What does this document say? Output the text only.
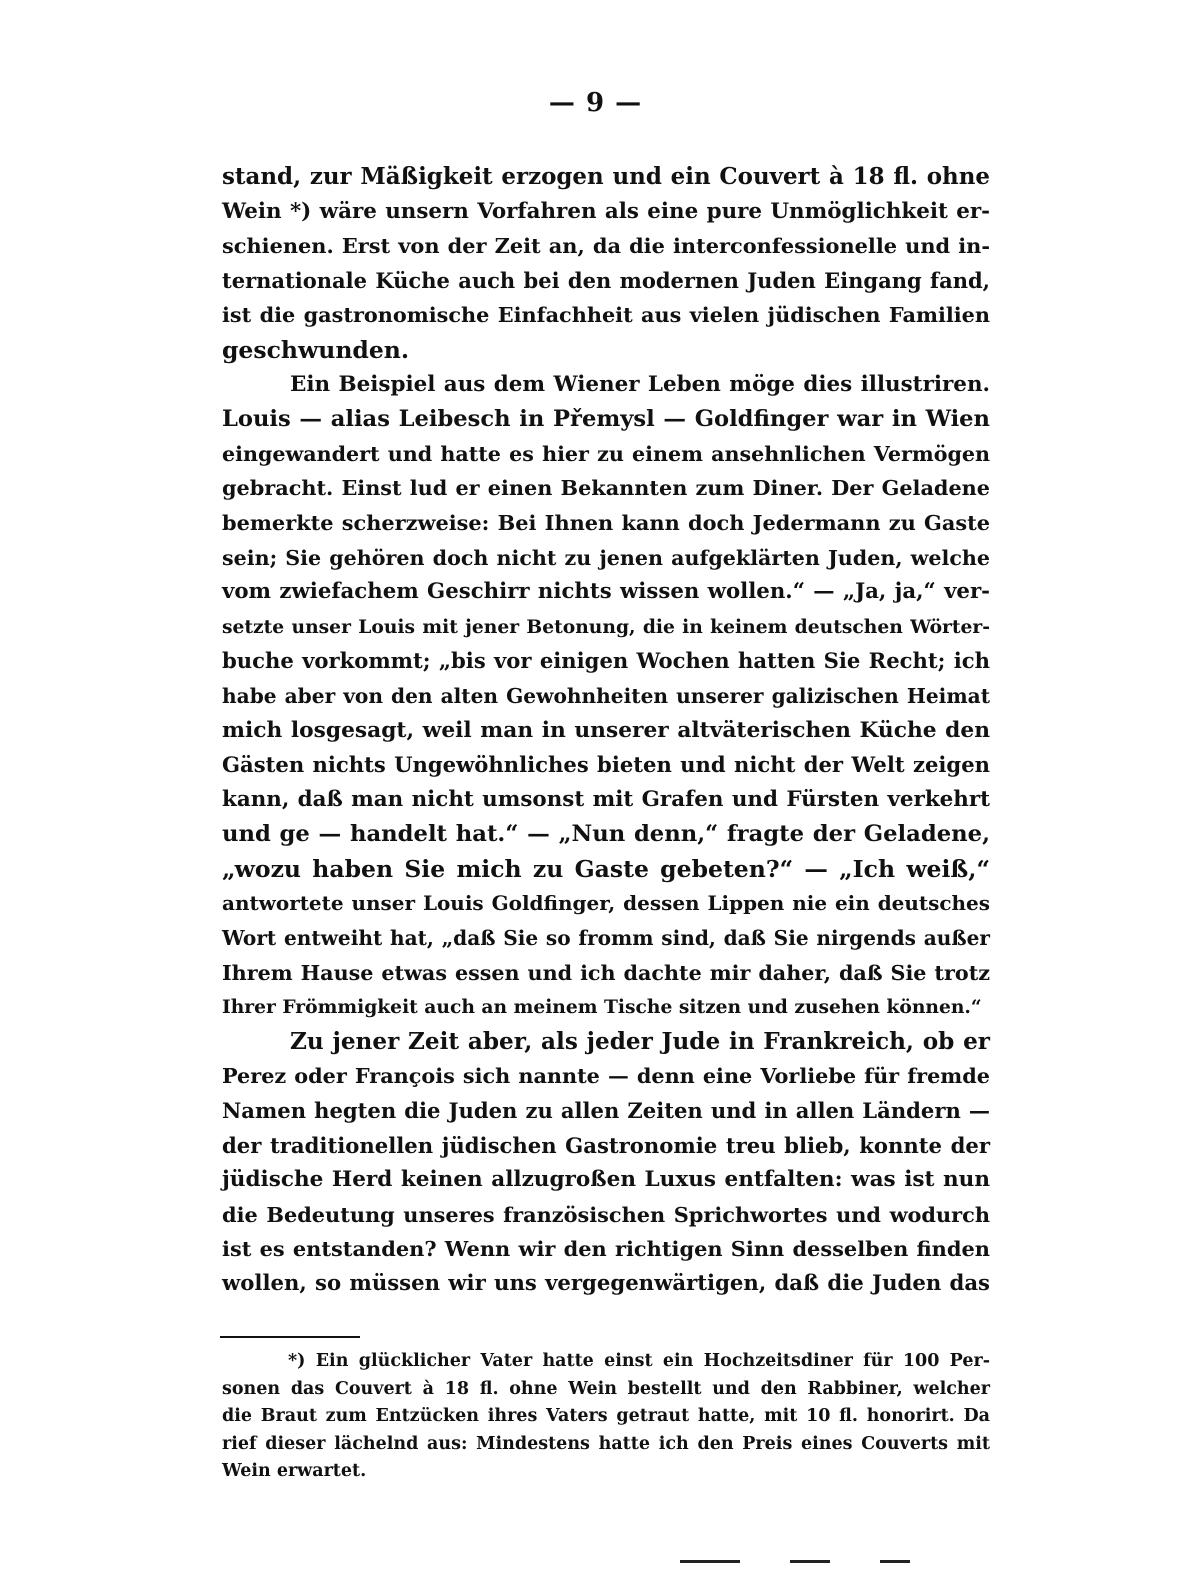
— 9 —
stand, zur Mäßigkeit erzogen und ein Couvert à 18 fl. ohne
Wein *) wäre unsern Vorfahren als eine pure Unmöglichkeit er-
schienen. Erst von der Zeit an, da die interconfessionelle und in-
ternationale Küche auch bei den modernen Juden Eingang fand,
ist die gastronomische Einfachheit aus vielen jüdischen Familien
geschwunden.
Ein Beispiel aus dem Wiener Leben möge dies illustriren.
Louis — alias Leibesch in Přemysl — Goldfinger war in Wien
eingewandert und hatte es hier zu einem ansehnlichen Vermögen
gebracht. Einst lud er einen Bekannten zum Diner. Der Geladene
bemerkte scherzweise: Bei Ihnen kann doch Jedermann zu Gaste
sein; Sie gehören doch nicht zu jenen aufgeklärten Juden, welche
vom zwiefachem Geschirr nichts wissen wollen.“ — „Ja, ja,“ ver-
setzte unser Louis mit jener Betonung, die in keinem deutschen Wörter-
buche vorkommt; „bis vor einigen Wochen hatten Sie Recht; ich
habe aber von den alten Gewohnheiten unserer galizischen Heimat
mich losgesagt, weil man in unserer altväterischen Küche den
Gästen nichts Ungewöhnliches bieten und nicht der Welt zeigen
kann, daß man nicht umsonst mit Grafen und Fürsten verkehrt
und ge — handelt hat.“ — „Nun denn,“ fragte der Geladene,
„wozu haben Sie mich zu Gaste gebeten?“ — „Ich weiß,“
antwortete unser Louis Goldfinger, dessen Lippen nie ein deutsches
Wort entweiht hat, „daß Sie so fromm sind, daß Sie nirgends außer
Ihrem Hause etwas essen und ich dachte mir daher, daß Sie trotz
Ihrer Frömmigkeit auch an meinem Tische sitzen und zusehen können.“
Zu jener Zeit aber, als jeder Jude in Frankreich, ob er
Perez oder François sich nannte — denn eine Vorliebe für fremde
Namen hegten die Juden zu allen Zeiten und in allen Ländern —
der traditionellen jüdischen Gastronomie treu blieb, konnte der
jüdische Herd keinen allzugroßen Luxus entfalten: was ist nun
die Bedeutung unseres französischen Sprichwortes und wodurch
ist es entstanden? Wenn wir den richtigen Sinn desselben finden
wollen, so müssen wir uns vergegenwärtigen, daß die Juden das
*) Ein glücklicher Vater hatte einst ein Hochzeitsdiner für 100 Per-
sonen das Couvert à 18 fl. ohne Wein bestellt und den Rabbiner, welcher
die Braut zum Entzücken ihres Vaters getraut hatte, mit 10 fl. honorirt. Da
rief dieser lächelnd aus: Mindestens hatte ich den Preis eines Couverts mit
Wein erwartet.
